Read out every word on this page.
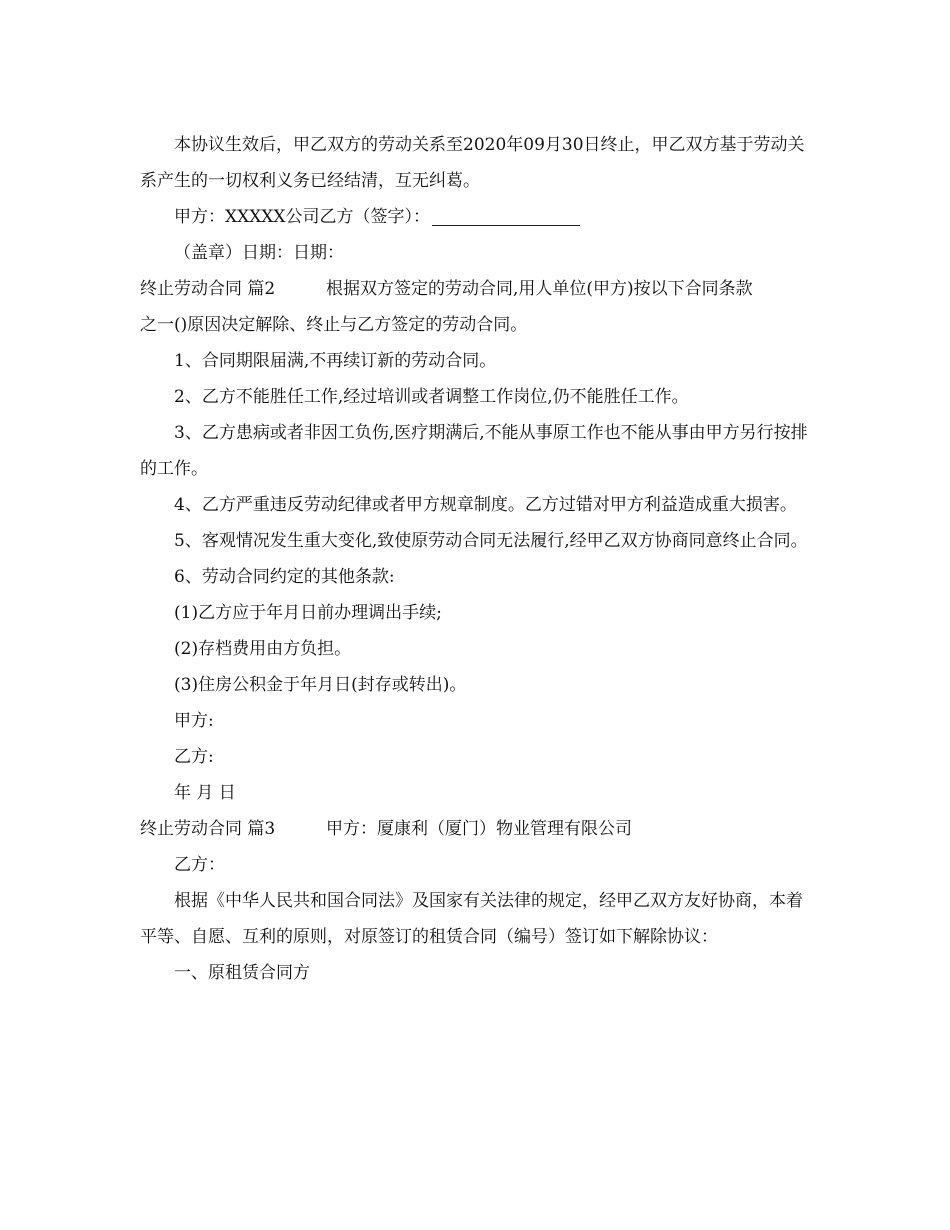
本协议生效后，甲乙双方的劳动关系至2020年09月30日终止，甲乙双方基于劳动关系产生的一切权利义务已经结清，互无纠葛。

甲方：XXXXX公司乙方（签字）：

（盖章）日期：日期：

终止劳动合同 篇2	根据双方签定的劳动合同,用人单位(甲方)按以下合同条款

之一()原因决定解除、终止与乙方签定的劳动合同。

1、合同期限届满,不再续订新的劳动合同。

2、乙方不能胜任工作,经过培训或者调整工作岗位,仍不能胜任工作。

3、乙方患病或者非因工负伤,医疗期满后,不能从事原工作也不能从事由甲方另行按排的工作。

4、乙方严重违反劳动纪律或者甲方规章制度。乙方过错对甲方利益造成重大损害。

5、客观情况发生重大变化,致使原劳动合同无法履行,经甲乙双方协商同意终止合同。

6、劳动合同约定的其他条款:

(1)乙方应于年月日前办理调出手续;

(2)存档费用由方负担。

(3)住房公积金于年月日(封存或转出)。

甲方:

乙方:

年 月 日

终止劳动合同 篇3	甲方：厦康利（厦门）物业管理有限公司

乙方：

根据《中华人民共和国合同法》及国家有关法律的规定，经甲乙双方友好协商，本着平等、自愿、互利的原则，对原签订的租赁合同（编号）签订如下解除协议：

一、原租赁合同方
